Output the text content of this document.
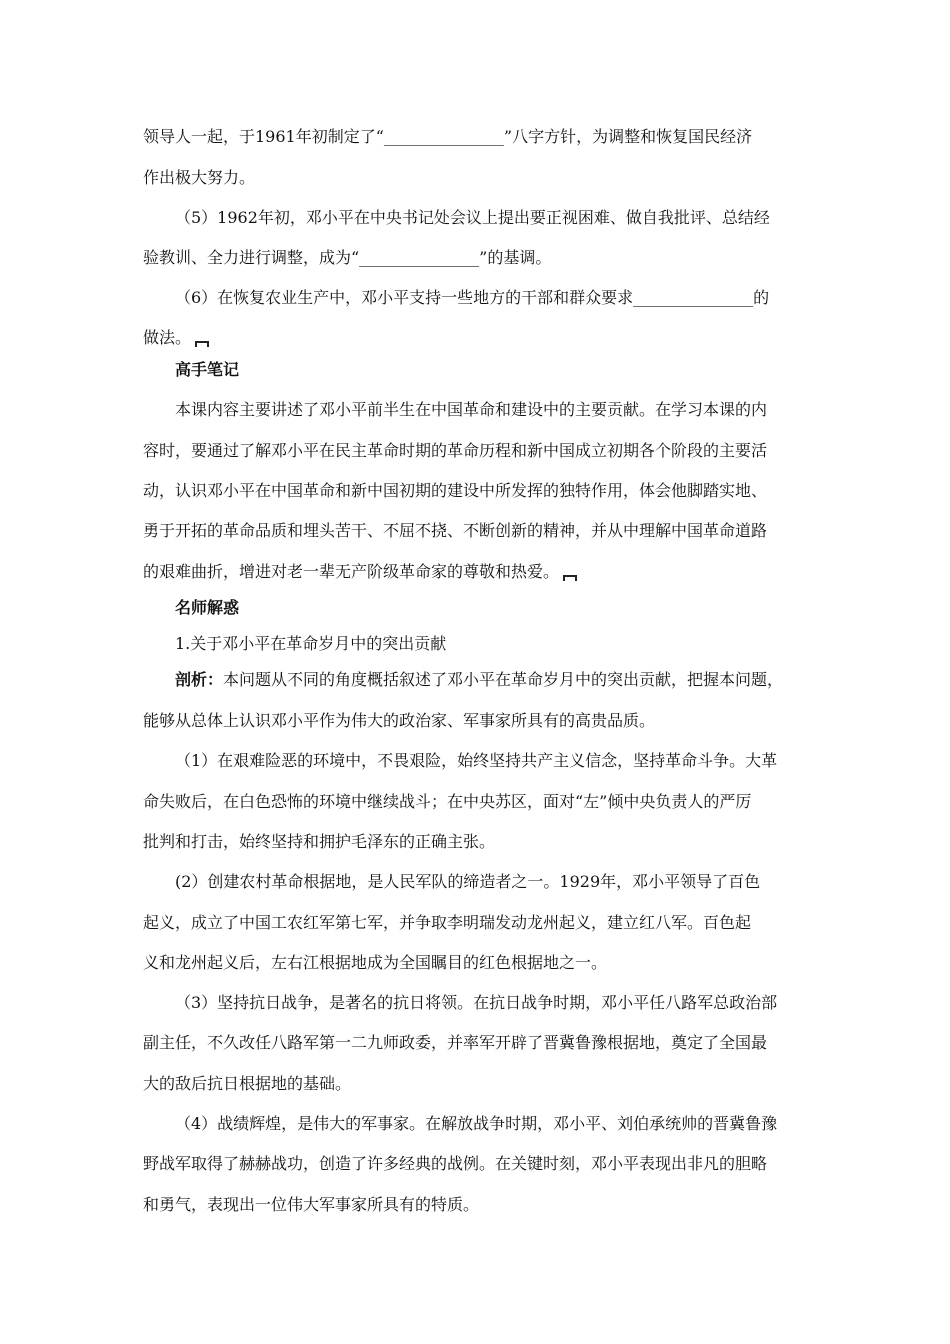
领导人一起，于1961年初制定了“_______________”八字方针，为调整和恢复国民经济
作出极大努力。
（5）1962年初，邓小平在中央书记处会议上提出要正视困难、做自我批评、总结经
验教训、全力进行调整，成为“_______________”的基调。
（6）在恢复农业生产中，邓小平支持一些地方的干部和群众要求_______________的
做法。
高手笔记
本课内容主要讲述了邓小平前半生在中国革命和建设中的主要贡献。在学习本课的内
容时，要通过了解邓小平在民主革命时期的革命历程和新中国成立初期各个阶段的主要活
动，认识邓小平在中国革命和新中国初期的建设中所发挥的独特作用，体会他脚踏实地、
勇于开拓的革命品质和埋头苦干、不屈不挠、不断创新的精神，并从中理解中国革命道路
的艰难曲折，增进对老一辈无产阶级革命家的尊敬和热爱。
名师解惑
1.关于邓小平在革命岁月中的突出贡献
剖析：本问题从不同的角度概括叙述了邓小平在革命岁月中的突出贡献，把握本问题，
能够从总体上认识邓小平作为伟大的政治家、军事家所具有的高贵品质。
（1）在艰难险恶的环境中，不畏艰险，始终坚持共产主义信念，坚持革命斗争。大革
命失败后，在白色恐怖的环境中继续战斗；在中央苏区，面对“左”倾中央负责人的严厉
批判和打击，始终坚持和拥护毛泽东的正确主张。
(2）创建农村革命根据地，是人民军队的缔造者之一。1929年，邓小平领导了百色
起义，成立了中国工农红军第七军，并争取李明瑞发动龙州起义，建立红八军。百色起
义和龙州起义后，左右江根据地成为全国瞩目的红色根据地之一。
（3）坚持抗日战争，是著名的抗日将领。在抗日战争时期，邓小平任八路军总政治部
副主任，不久改任八路军第一二九师政委，并率军开辟了晋冀鲁豫根据地，奠定了全国最
大的敌后抗日根据地的基础。
（4）战绩辉煌，是伟大的军事家。在解放战争时期，邓小平、刘伯承统帅的晋冀鲁豫
野战军取得了赫赫战功，创造了许多经典的战例。在关键时刻，邓小平表现出非凡的胆略
和勇气，表现出一位伟大军事家所具有的特质。
